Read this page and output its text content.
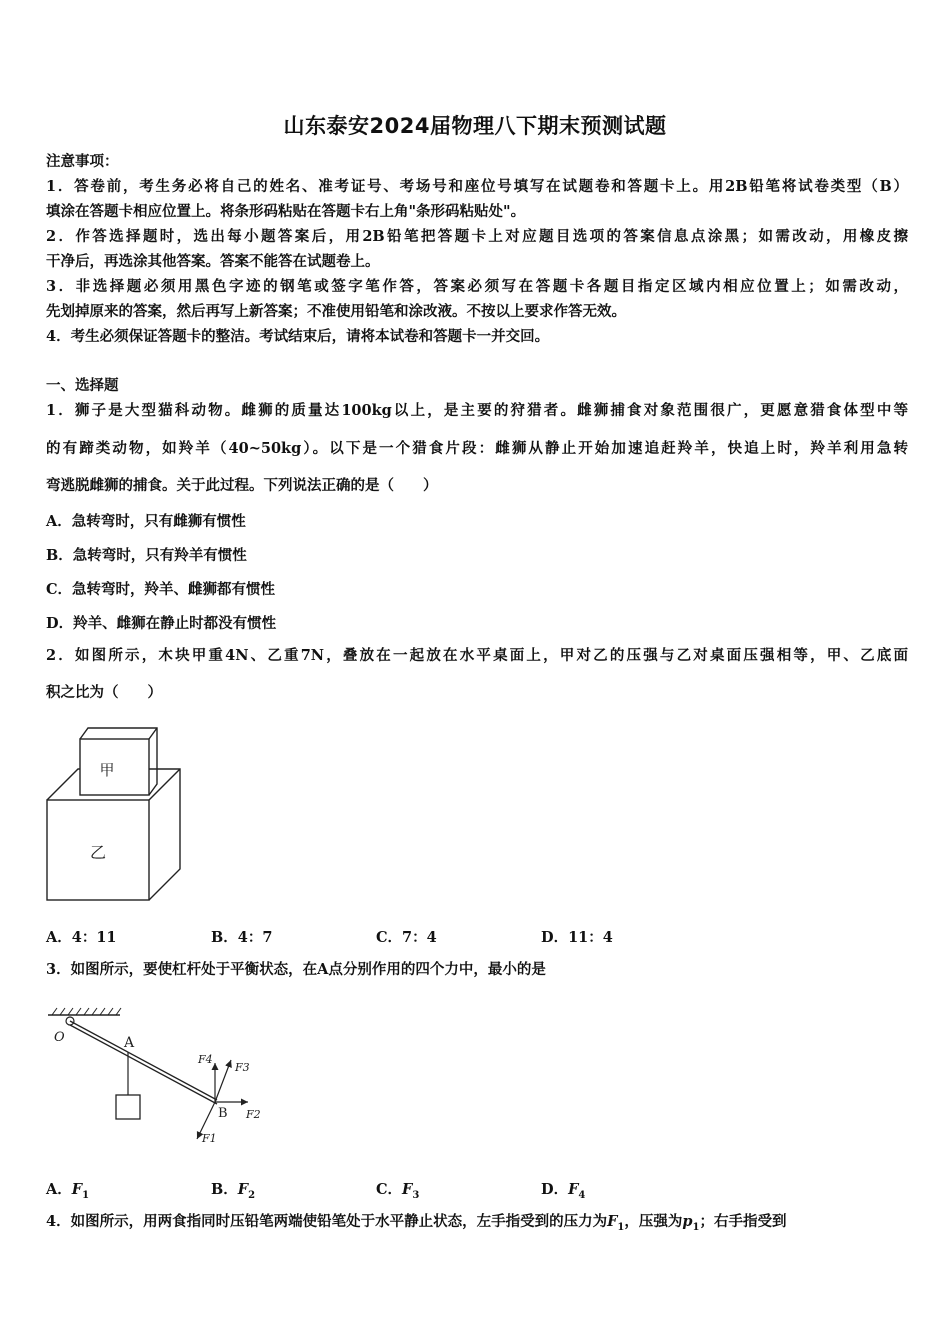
山东泰安2024届物理八下期末预测试题
注意事项：
1．答卷前，考生务必将自己的姓名、准考证号、考场号和座位号填写在试题卷和答题卡上。用2B铅笔将试卷类型（B）
填涂在答题卡相应位置上。将条形码粘贴在答题卡右上角"条形码粘贴处"。
2．作答选择题时，选出每小题答案后，用2B铅笔把答题卡上对应题目选项的答案信息点涂黑；如需改动，用橡皮擦
干净后，再选涂其他答案。答案不能答在试题卷上。
3．非选择题必须用黑色字迹的钢笔或签字笔作答，答案必须写在答题卡各题目指定区域内相应位置上；如需改动，
先划掉原来的答案，然后再写上新答案；不准使用铅笔和涂改液。不按以上要求作答无效。
4．考生必须保证答题卡的整洁。考试结束后，请将本试卷和答题卡一并交回。
一、选择题
1．狮子是大型猫科动物。雌狮的质量达100kg以上，是主要的狩猎者。雌狮捕食对象范围很广，更愿意猎食体型中等
的有蹄类动物，如羚羊（40~50kg）。以下是一个猎食片段：雌狮从静止开始加速追赶羚羊，快追上时，羚羊利用急转
弯逃脱雌狮的捕食。关于此过程。下列说法正确的是（　　）
A．急转弯时，只有雌狮有惯性
B．急转弯时，只有羚羊有惯性
C．急转弯时，羚羊、雌狮都有惯性
D．羚羊、雌狮在静止时都没有惯性
2．如图所示，木块甲重4N、乙重7N，叠放在一起放在水平桌面上，甲对乙的压强与乙对桌面压强相等，甲、乙底面
积之比为（　　）
甲
乙
A．4：11	B．4：7	C．7：4	D．11：4
3．如图所示，要使杠杆处于平衡状态，在A点分别作用的四个力中，最小的是
O	A
B
F4
F3
F2
F1
A．$F_1$	B．$F_2$	C．$F_3$	D．$F_4$
4．如图所示，用两食指同时压铅笔两端使铅笔处于水平静止状态，左手指受到的压力为$F_1$，压强为$p_1$；右手指受到
